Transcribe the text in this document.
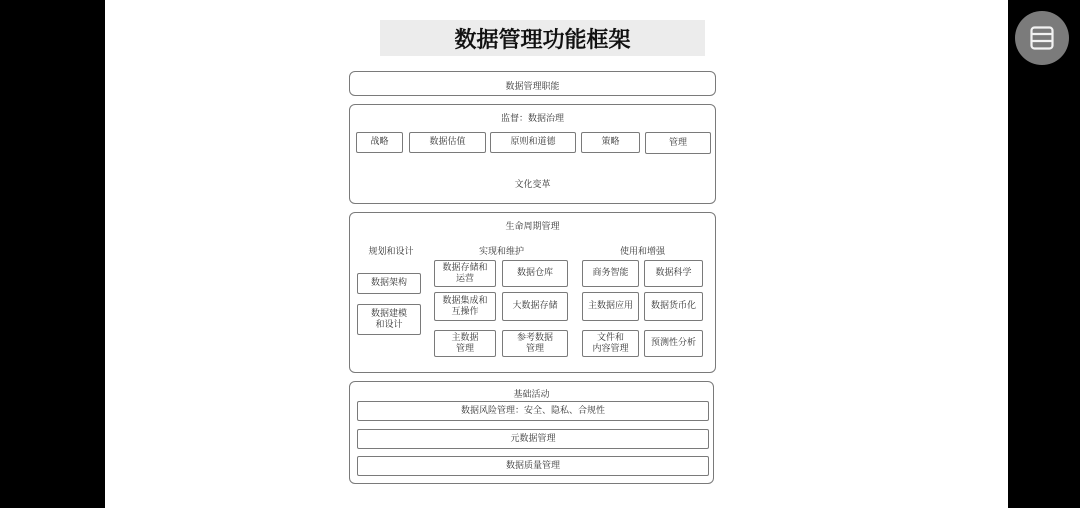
数据管理功能框架
数据管理职能
监督：数据治理
战略	数据估值	原则和道德	策略	管理
文化变革
生命周期管理
规划和设计
数据架构
数据建模
和设计
实现和维护
数据存储和
运营
数据仓库
数据集成和
互操作
大数据存储
主数据
管理
参考数据
管理
使用和增强
商务智能	数据科学
主数据应用	数据货币化
文件和
内容管理
预测性分析
基础活动
数据风险管理：安全、隐私、合规性
元数据管理
数据质量管理
